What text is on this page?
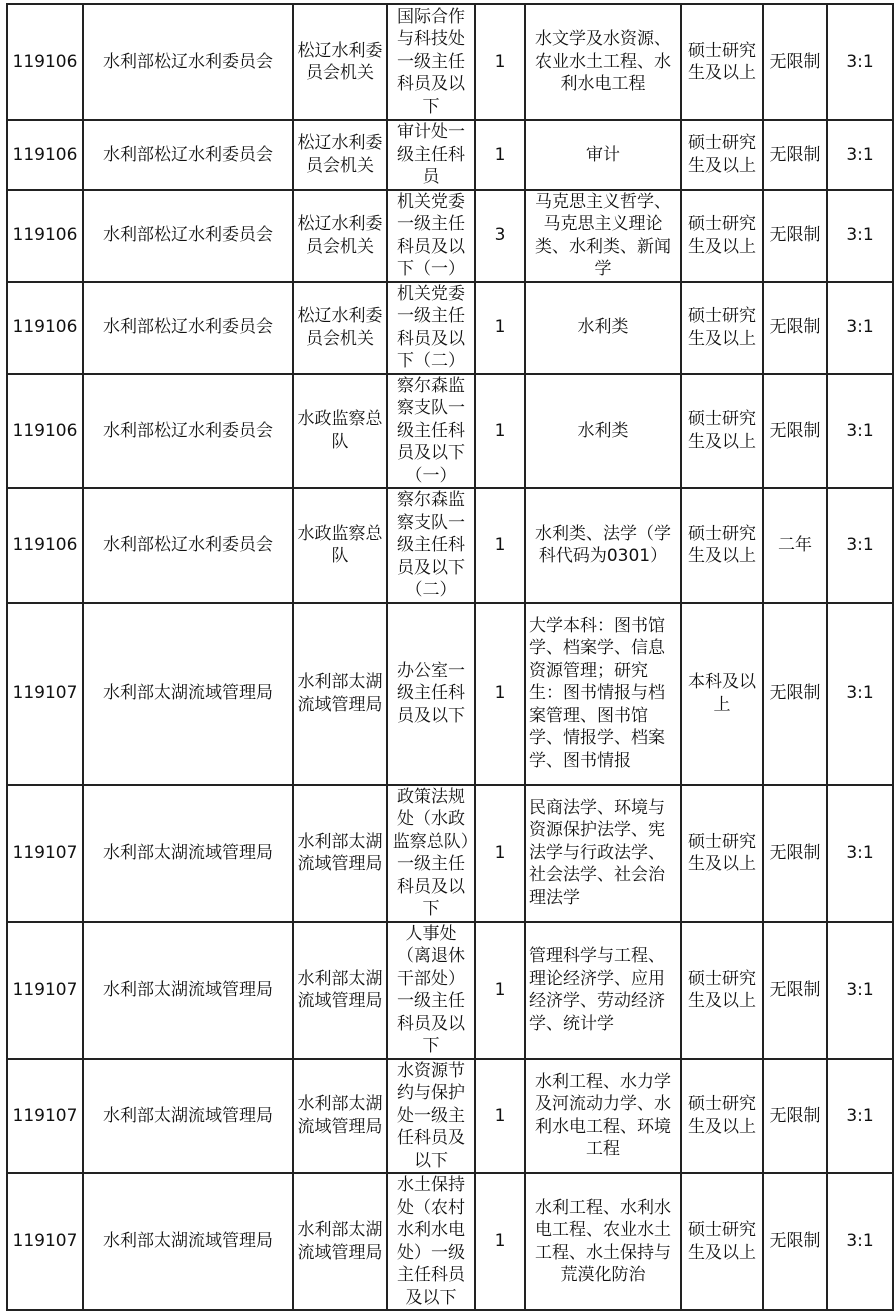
119106	水利部松辽水利委员会	松辽水利委员会机关	国际合作与科技处一级主任科员及以下	1	水文学及水资源、农业水土工程、水利水电工程	硕士研究生及以上	无限制	3:1
119106	水利部松辽水利委员会	松辽水利委员会机关	审计处一级主任科员	1	审计	硕士研究生及以上	无限制	3:1
119106	水利部松辽水利委员会	松辽水利委员会机关	机关党委一级主任科员及以下（一）	3	马克思主义哲学、马克思主义理论类、水利类、新闻学	硕士研究生及以上	无限制	3:1
119106	水利部松辽水利委员会	松辽水利委员会机关	机关党委一级主任科员及以下（二）	1	水利类	硕士研究生及以上	无限制	3:1
119106	水利部松辽水利委员会	水政监察总队	察尔森监察支队一级主任科员及以下（一）	1	水利类	硕士研究生及以上	无限制	3:1
119106	水利部松辽水利委员会	水政监察总队	察尔森监察支队一级主任科员及以下（二）	1	水利类、法学（学科代码为0301）	硕士研究生及以上	二年	3:1
119107	水利部太湖流域管理局	水利部太湖流域管理局	办公室一级主任科员及以下	1	大学本科：图书馆学、档案学、信息资源管理；研究生：图书情报与档案管理、图书馆学、情报学、档案学、图书情报	本科及以上	无限制	3:1
119107	水利部太湖流域管理局	水利部太湖流域管理局	政策法规处（水政监察总队）一级主任科员及以下	1	民商法学、环境与资源保护法学、宪法学与行政法学、社会法学、社会治理法学	硕士研究生及以上	无限制	3:1
119107	水利部太湖流域管理局	水利部太湖流域管理局	人事处（离退休干部处）一级主任科员及以下	1	管理科学与工程、理论经济学、应用经济学、劳动经济学、统计学	硕士研究生及以上	无限制	3:1
119107	水利部太湖流域管理局	水利部太湖流域管理局	水资源节约与保护处一级主任科员及以下	1	水利工程、水力学及河流动力学、水利水电工程、环境工程	硕士研究生及以上	无限制	3:1
119107	水利部太湖流域管理局	水利部太湖流域管理局	水土保持处（农村水利水电处）一级主任科员及以下	1	水利工程、水利水电工程、农业水土工程、水土保持与荒漠化防治	硕士研究生及以上	无限制	3:1
